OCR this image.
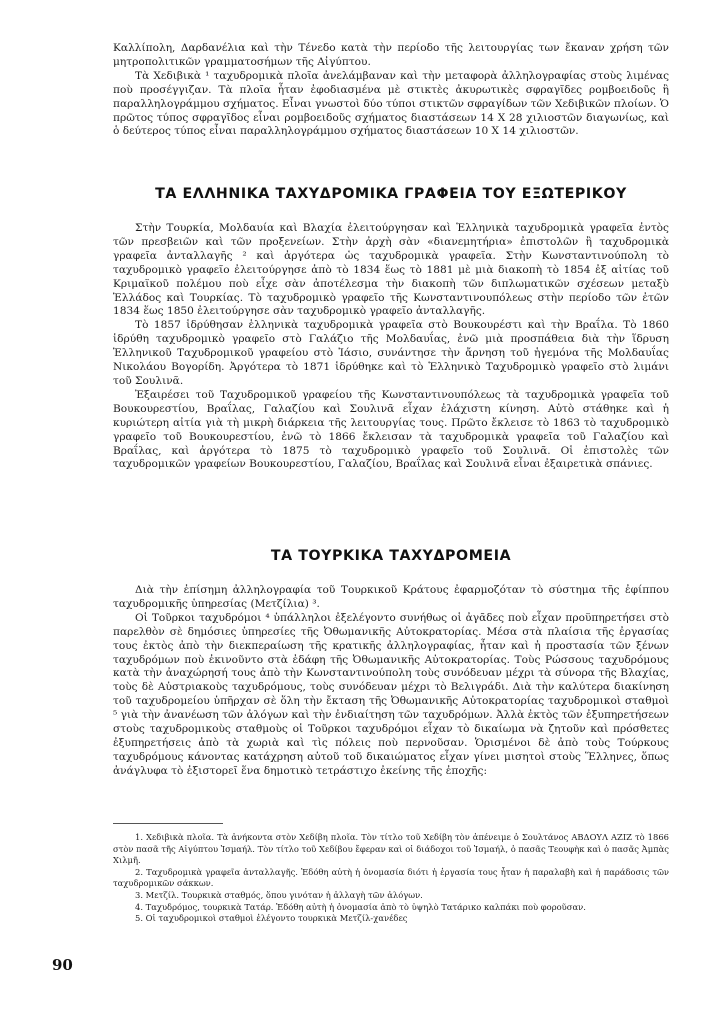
Καλλίπολη, Δαρδανέλια καὶ τὴν Τένεδο κατὰ τὴν περίοδο τῆς λειτουργίας των ἔκαναν χρήση τῶν μητροπολιτικῶν γραμματοσήμων τῆς Αἰγύπτου.

Τὰ Χεδιβικὰ ¹ ταχυδρομικὰ πλοῖα ἀνελάμβαναν καὶ τὴν μεταφορὰ ἀλληλογραφίας στοὺς λιμένας ποὺ προσέγγιζαν. Τὰ πλοῖα ἦταν ἐφοδιασμένα μὲ στικτὲς ἀκυρωτικὲς σφραγῖδες ρομβοειδοῦς ἢ παραλληλογράμμου σχήματος. Εἶναι γνωστοὶ δύο τύποι στικτῶν σφραγίδων τῶν Χεδιβικῶν πλοίων. Ὁ πρῶτος τύπος σφραγῖδος εἶναι ρομβοειδοῦς σχήματος διαστάσεων 14 Χ 28 χιλιοστῶν διαγωνίως, καὶ ὁ δεύτερος τύπος εἶναι παραλληλογράμμου σχήματος διαστάσεων 10 Χ 14 χιλιοστῶν.

ΤΑ ΕΛΛΗΝΙΚΑ ΤΑΧΥΔΡΟΜΙΚΑ ΓΡΑΦΕΙΑ ΤΟΥ ΕΞΩΤΕΡΙΚΟΥ

Στὴν Τουρκία, Μολδαυία καὶ Βλαχία ἐλειτούργησαν καὶ Ἑλληνικὰ ταχυδρομικὰ γραφεῖα ἐντὸς τῶν πρεσβειῶν καὶ τῶν προξενείων. Στὴν ἀρχὴ σὰν «διανεμητήρια» ἐπιστολῶν ἢ ταχυδρομικὰ γραφεῖα ἀνταλλαγῆς ² καὶ ἀργότερα ὡς ταχυδρομικὰ γραφεῖα. Στὴν Κωνσταντινούπολη τὸ ταχυδρομικὸ γραφεῖο ἐλειτούργησε ἀπὸ τὸ 1834 ἕως τὸ 1881 μὲ μιὰ διακοπὴ τὸ 1854 ἐξ αἰτίας τοῦ Κριμαϊκοῦ πολέμου ποὺ εἶχε σὰν ἀποτέλεσμα τὴν διακοπὴ τῶν διπλωματικῶν σχέσεων μεταξὺ Ἑλλάδος καὶ Τουρκίας. Τὸ ταχυδρομικὸ γραφεῖο τῆς Κωνσταντινουπόλεως στὴν περίοδο τῶν ἐτῶν 1834 ἕως 1850 ἐλειτούργησε σὰν ταχυδρομικὸ γραφεῖο ἀνταλλαγῆς.

Τὸ 1857 ἱδρύθησαν ἑλληνικὰ ταχυδρομικὰ γραφεῖα στὸ Βουκουρέστι καὶ τὴν Βραΐλα. Τὸ 1860 ἱδρύθη ταχυδρομικὸ γραφεῖο στὸ Γαλάζιο τῆς Μολδαυΐας, ἐνῶ μιὰ προσπάθεια διὰ τὴν ἵδρυση Ἑλληνικοῦ Ταχυδρομικοῦ γραφείου στὸ Ἰάσιο, συνάντησε τὴν ἄρνηση τοῦ ἡγεμόνα τῆς Μολδαυΐας Νικολάου Βογορίδη. Ἀργότερα τὸ 1871 ἱδρύθηκε καὶ τὸ Ἑλληνικὸ Ταχυδρομικὸ γραφεῖο στὸ λιμάνι τοῦ Σουλινᾶ.

Ἐξαιρέσει τοῦ Ταχυδρομικοῦ γραφείου τῆς Κωνσταντινουπόλεως τὰ ταχυδρομικὰ γραφεῖα τοῦ Βουκουρεστίου, Βραΐλας, Γαλαζίου καὶ Σουλινᾶ εἶχαν ἐλάχιστη κίνηση. Αὐτὸ στάθηκε καὶ ἡ κυριώτερη αἰτία γιὰ τὴ μικρὴ διάρκεια τῆς λειτουργίας τους. Πρῶτο ἔκλεισε τὸ 1863 τὸ ταχυδρομικὸ γραφεῖο τοῦ Βουκουρεστίου, ἐνῶ τὸ 1866 ἔκλεισαν τὰ ταχυδρομικὰ γραφεῖα τοῦ Γαλαζίου καὶ Βραΐλας, καὶ ἀργότερα τὸ 1875 τὸ ταχυδρομικὸ γραφεῖο τοῦ Σουλινᾶ. Οἱ ἐπιστολὲς τῶν ταχυδρομικῶν γραφείων Βουκουρεστίου, Γαλαζίου, Βραΐλας καὶ Σουλινᾶ εἶναι ἐξαιρετικὰ σπάνιες.

ΤΑ ΤΟΥΡΚΙΚΑ ΤΑΧΥΔΡΟΜΕΙΑ

Διὰ τὴν ἐπίσημη ἀλληλογραφία τοῦ Τουρκικοῦ Κράτους ἐφαρμοζόταν τὸ σύστημα τῆς ἐφίππου ταχυδρομικῆς ὑπηρεσίας (Μετζίλια) ³.

Οἱ Τοῦρκοι ταχυδρόμοι ⁴ ὑπάλληλοι ἐξελέγοντο συνήθως οἱ ἀγᾶδες ποὺ εἶχαν προϋπηρετήσει στὸ παρελθὸν σὲ δημόσιες ὑπηρεσίες τῆς Ὀθωμανικῆς Αὐτοκρατορίας. Μέσα στὰ πλαίσια τῆς ἐργασίας τους ἐκτὸς ἀπὸ τὴν διεκπεραίωση τῆς κρατικῆς ἀλληλογραφίας, ἦταν καὶ ἡ προστασία τῶν ξένων ταχυδρόμων ποὺ ἐκινοῦντο στὰ ἐδάφη τῆς Ὀθωμανικῆς Αὐτοκρατορίας. Τοὺς Ρώσσους ταχυδρόμους κατὰ τὴν ἀναχώρησή τους ἀπὸ τὴν Κωνσταντινούπολη τοὺς συνόδευαν μέχρι τὰ σύνορα τῆς Βλαχίας, τοὺς δὲ Αὐστριακοὺς ταχυδρόμους, τοὺς συνόδευαν μέχρι τὸ Βελιγράδι. Διὰ τὴν καλύτερα διακίνηση τοῦ ταχυδρομείου ὑπῆρχαν σὲ ὅλη τὴν ἔκταση τῆς Ὀθωμανικῆς Αὐτοκρατορίας ταχυδρομικοὶ σταθμοὶ ⁵ γιὰ τὴν ἀνανέωση τῶν ἀλόγων καὶ τὴν ἐνδιαίτηση τῶν ταχυδρόμων. Ἀλλὰ ἐκτὸς τῶν ἐξυπηρετήσεων στοὺς ταχυδρομικοὺς σταθμοὺς οἱ Τοῦρκοι ταχυδρόμοι εἶχαν τὸ δικαίωμα νὰ ζητοῦν καὶ πρόσθετες ἐξυπηρετήσεις ἀπὸ τὰ χωριὰ καὶ τὶς πόλεις ποὺ περνοῦσαν. Ὁρισμένοι δὲ ἀπὸ τοὺς Τούρκους ταχυδρόμους κάνοντας κατάχρηση αὐτοῦ τοῦ δικαιώματος εἶχαν γίνει μισητοὶ στοὺς Ἕλληνες, ὅπως ἀνάγλυφα τὸ ἐξιστορεῖ ἕνα δημοτικὸ τετράστιχο ἐκείνης τῆς ἐποχῆς:

1. Χεδιβικὰ πλοῖα. Τὰ ἀνήκοντα στὸν Χεδίβη πλοῖα. Τὸν τίτλο τοῦ Χεδίβη τὸν ἀπένειμε ὁ Σουλτάνος ΑΒΔΟΥΛ ΑΖΙΖ τὸ 1866 στὸν πασᾶ τῆς Αἰγύπτου Ἰσμαήλ. Τὸν τίτλο τοῦ Χεδίβου ἔφεραν καὶ οἱ διάδοχοι τοῦ Ἰσμαήλ, ὁ πασᾶς Τεουφὴκ καὶ ὁ πασᾶς Ἀμπὰς Χιλμῆ.

2. Ταχυδρομικὰ γραφεῖα ἀνταλλαγῆς. Ἐδόθη αὐτὴ ἡ ὀνομασία διότι ἡ ἐργασία τους ἦταν ἡ παραλαβὴ καὶ ἡ παράδοσις τῶν ταχυδρομικῶν σάκκων.

3. Μετζίλ. Τουρκικὰ σταθμός, ὅπου γινόταν ἡ ἀλλαγὴ τῶν ἀλόγων.

4. Ταχυδρόμος, τουρκικὰ Τατάρ. Ἐδόθη αὐτὴ ἡ ὀνομασία ἀπὸ τὸ ὑψηλὸ Τατάρικο καλπάκι ποὺ φοροῦσαν.

5. Οἱ ταχυδρομικοὶ σταθμοὶ ἐλέγοντο τουρκικὰ Μετζίλ-χανέδες

90
